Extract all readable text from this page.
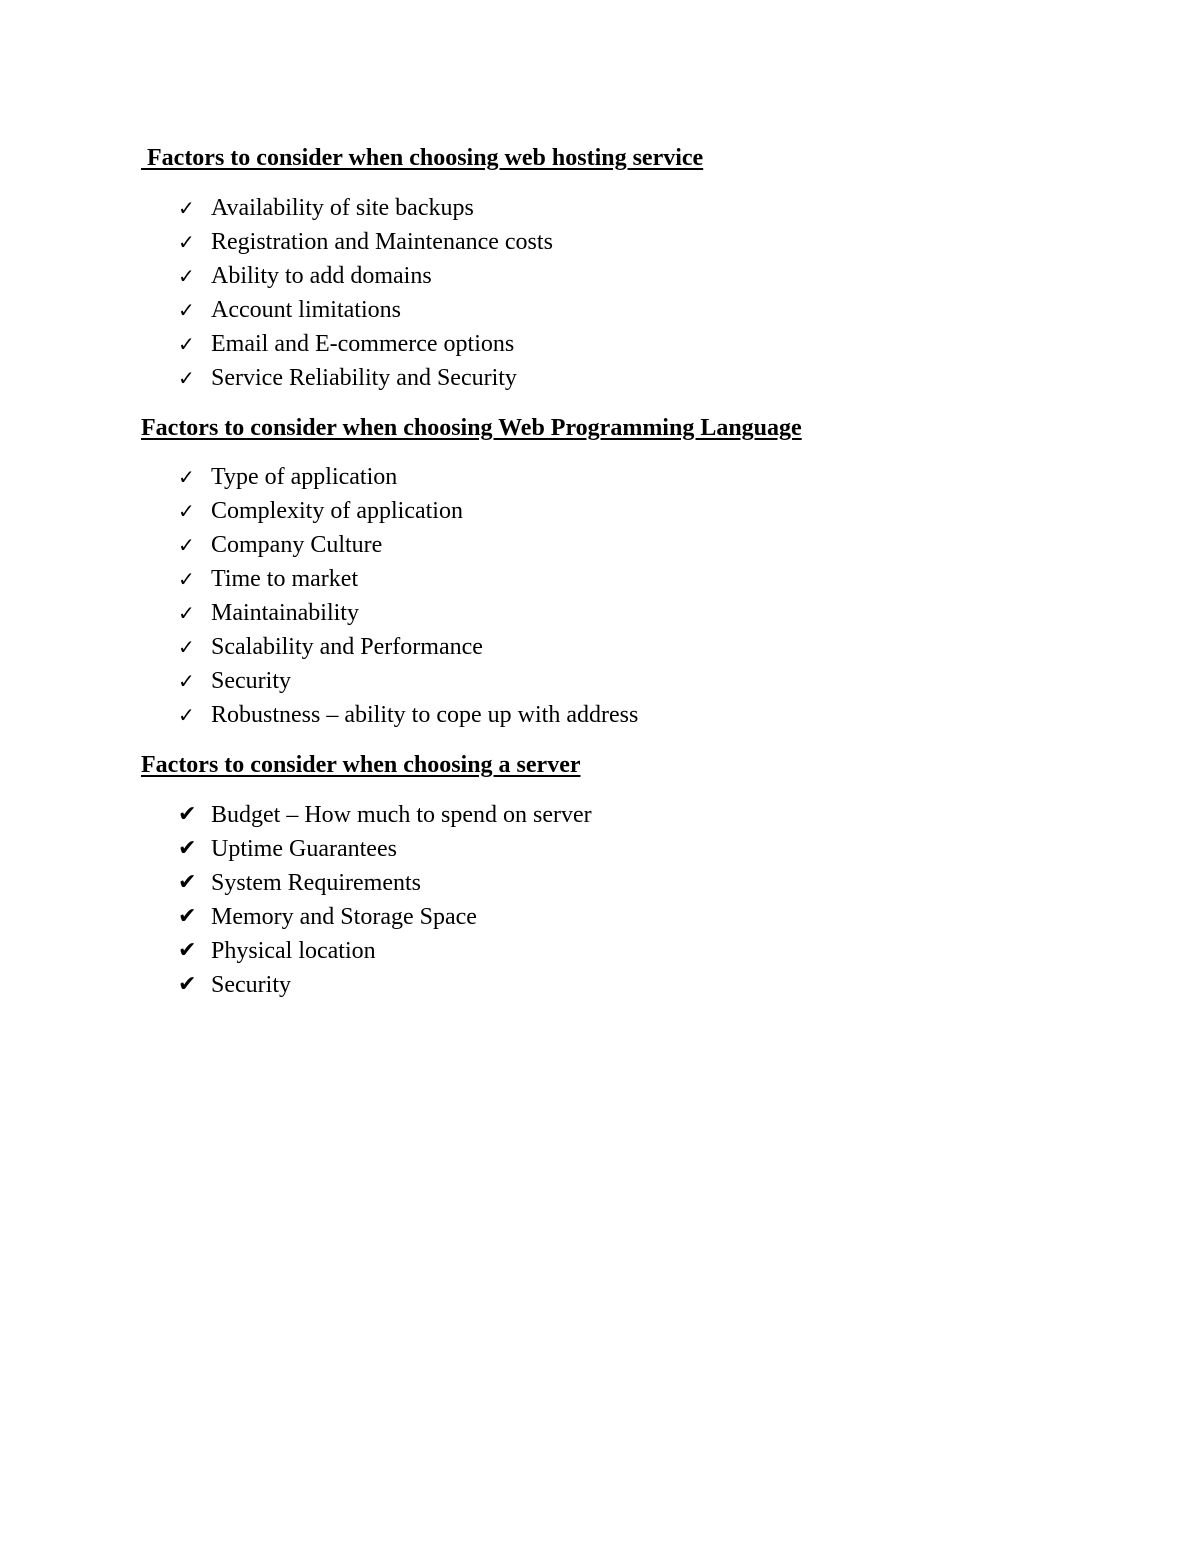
Factors to consider when choosing web hosting service
✓ Availability of site backups
✓ Registration and Maintenance costs
✓ Ability to add domains
✓ Account limitations
✓ Email and E-commerce options
✓ Service Reliability and Security
Factors to consider when choosing Web Programming Language
✓ Type of application
✓ Complexity of application
✓ Company Culture
✓ Time to market
✓ Maintainability
✓ Scalability and Performance
✓ Security
✓ Robustness – ability to cope up with address
Factors to consider when choosing a server
✔ Budget – How much to spend on server
✔ Uptime Guarantees
✔ System Requirements
✔ Memory and Storage Space
✔ Physical location
✔ Security
